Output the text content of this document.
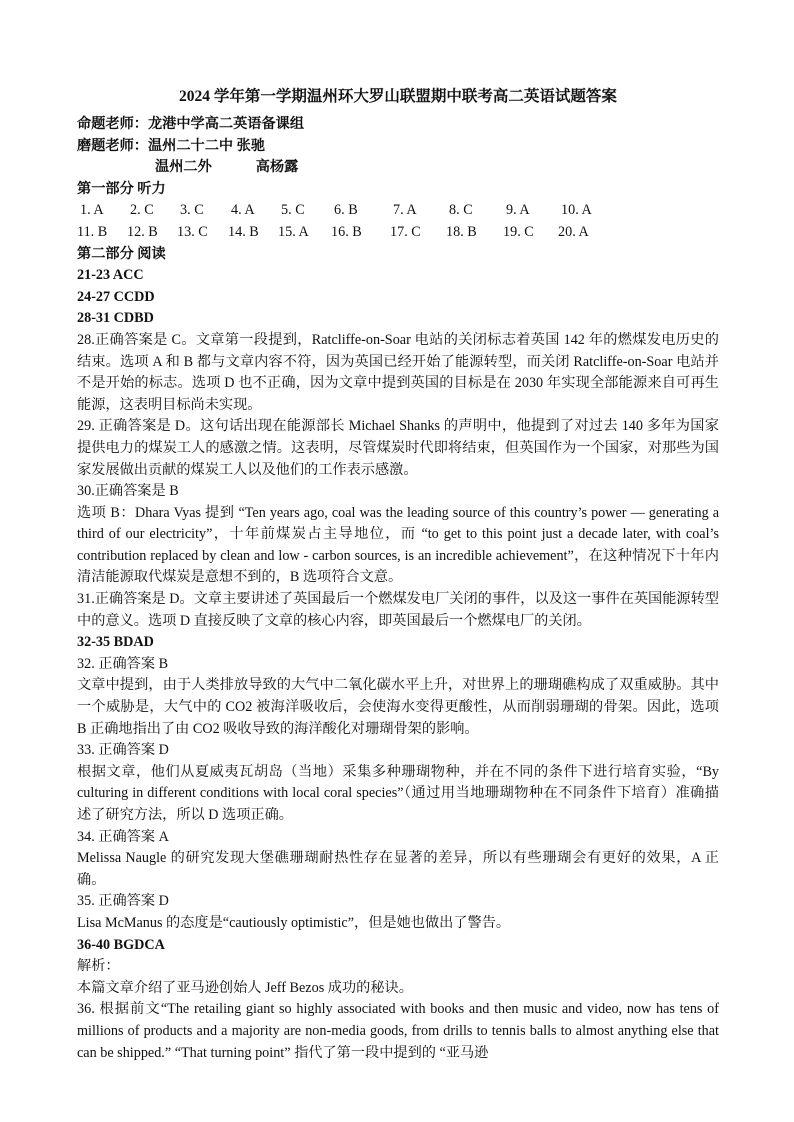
2024 学年第一学期温州环大罗山联盟期中联考高二英语试题答案
命题老师：龙港中学高二英语备课组
磨题老师：温州二十二中 张驰
温州二外	高杨露
第一部分 听力
1. A	2. C	3. C	4. A	5. C	6. B	7. A	8. C	9. A	10. A
11. B	12. B	13. C	14. B	15. A	16. B	17. C	18. B	19. C	20. A
第二部分 阅读
21-23 ACC
24-27 CCDD
28-31 CDBD

28.正确答案是 C。文章第一段提到，Ratcliffe-on-Soar 电站的关闭标志着英国 142 年的燃煤发电历史的结束。选项 A 和 B 都与文章内容不符，因为英国已经开始了能源转型，而关闭 Ratcliffe-on-Soar 电站并不是开始的标志。选项 D 也不正确，因为文章中提到英国的目标是在 2030 年实现全部能源来自可再生能源，这表明目标尚未实现。

29. 正确答案是 D。这句话出现在能源部长 Michael Shanks 的声明中，他提到了对过去 140 多年为国家提供电力的煤炭工人的感激之情。这表明，尽管煤炭时代即将结束，但英国作为一个国家，对那些为国家发展做出贡献的煤炭工人以及他们的工作表示感激。

30.正确答案是 B

选项 B：Dhara Vyas 提到 “Ten years ago, coal was the leading source of this country’s power — generating a third of our electricity”，十年前煤炭占主导地位，而 “to get to this point just a decade later, with coal’s contribution replaced by clean and low - carbon sources, is an incredible achievement”，在这种情况下十年内清洁能源取代煤炭是意想不到的，B 选项符合文意。

31.正确答案是 D。文章主要讲述了英国最后一个燃煤发电厂关闭的事件，以及这一事件在英国能源转型中的意义。选项 D 直接反映了文章的核心内容，即英国最后一个燃煤电厂的关闭。

32-35 BDAD
32. 正确答案 B

文章中提到，由于人类排放导致的大气中二氧化碳水平上升，对世界上的珊瑚礁构成了双重威胁。其中一个威胁是，大气中的 CO2 被海洋吸收后，会使海水变得更酸性，从而削弱珊瑚的骨架。因此，选项 B 正确地指出了由 CO2 吸收导致的海洋酸化对珊瑚骨架的影响。

33. 正确答案 D

根据文章，他们从夏威夷瓦胡岛（当地）采集多种珊瑚物种，并在不同的条件下进行培育实验，“By culturing in different conditions with local coral species”（通过用当地珊瑚物种在不同条件下培育）准确描述了研究方法，所以 D 选项正确。

34. 正确答案 A

Melissa Naugle 的研究发现大堡礁珊瑚耐热性存在显著的差异，所以有些珊瑚会有更好的效果，A 正确。

35. 正确答案 D

Lisa McManus 的态度是“cautiously optimistic”，但是她也做出了警告。

36-40 BGDCA
解析：
本篇文章介绍了亚马逊创始人 Jeff Bezos 成功的秘诀。

36. 根据前文“The retailing giant so highly associated with books and then music and video, now has tens of millions of products and a majority are non-media goods, from drills to tennis balls to almost anything else that can be shipped.” “That turning point” 指代了第一段中提到的 “亚马逊
